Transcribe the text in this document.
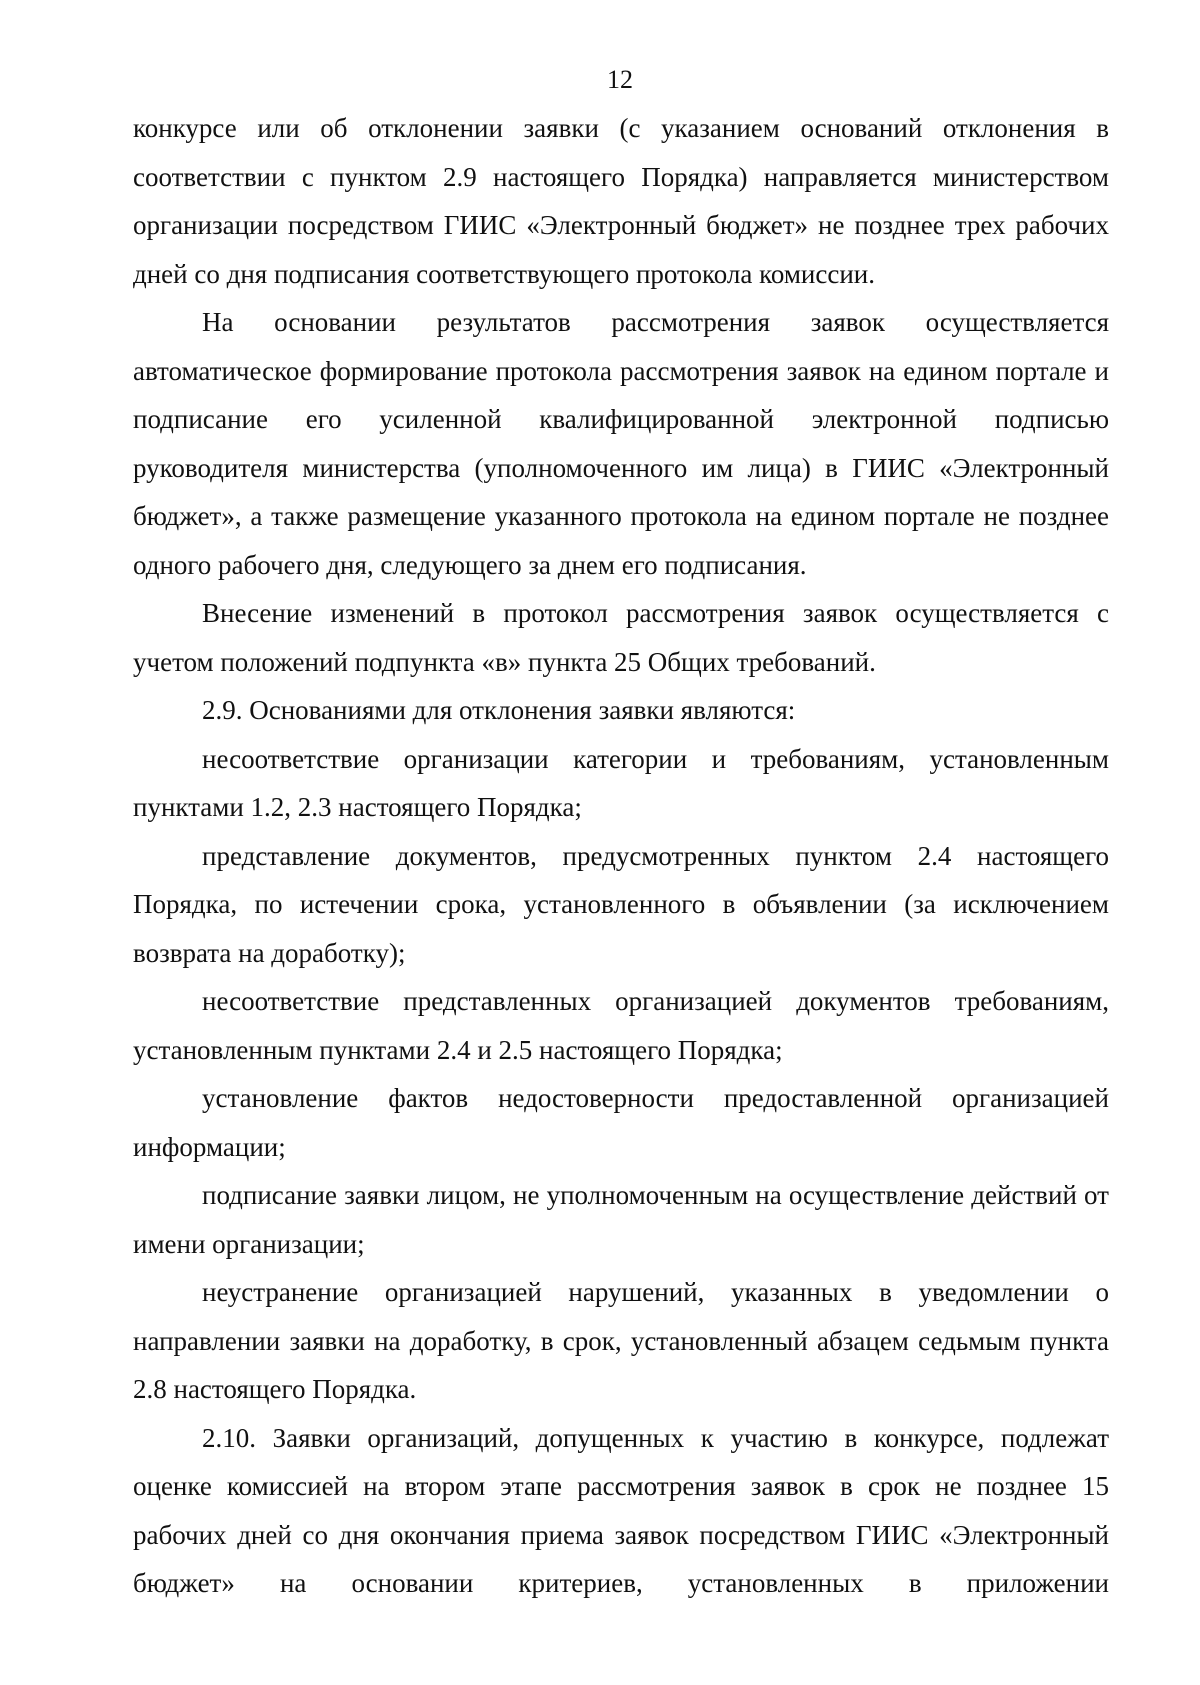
12

конкурсе или об отклонении заявки (с указанием оснований отклонения в соответствии с пунктом 2.9 настоящего Порядка) направляется министерством организации посредством ГИИС «Электронный бюджет» не позднее трех рабочих дней со дня подписания соответствующего протокола комиссии.

На основании результатов рассмотрения заявок осуществляется автоматическое формирование протокола рассмотрения заявок на едином портале и подписание его усиленной квалифицированной электронной подписью руководителя министерства (уполномоченного им лица) в ГИИС «Электронный бюджет», а также размещение указанного протокола на едином портале не позднее одного рабочего дня, следующего за днем его подписания.

Внесение изменений в протокол рассмотрения заявок осуществляется с учетом положений подпункта «в» пункта 25 Общих требований.

2.9. Основаниями для отклонения заявки являются:

несоответствие организации категории и требованиям, установленным пунктами 1.2, 2.3 настоящего Порядка;

представление документов, предусмотренных пунктом 2.4 настоящего Порядка, по истечении срока, установленного в объявлении (за исключением возврата на доработку);

несоответствие представленных организацией документов требованиям, установленным пунктами 2.4 и 2.5 настоящего Порядка;

установление фактов недостоверности предоставленной организацией информации;

подписание заявки лицом, не уполномоченным на осуществление действий от имени организации;

неустранение организацией нарушений, указанных в уведомлении о направлении заявки на доработку, в срок, установленный абзацем седьмым пункта 2.8 настоящего Порядка.

2.10. Заявки организаций, допущенных к участию в конкурсе, подлежат оценке комиссией на втором этапе рассмотрения заявок в срок не позднее 15 рабочих дней со дня окончания приема заявок посредством ГИИС «Электронный бюджет» на основании критериев, установленных в приложении
